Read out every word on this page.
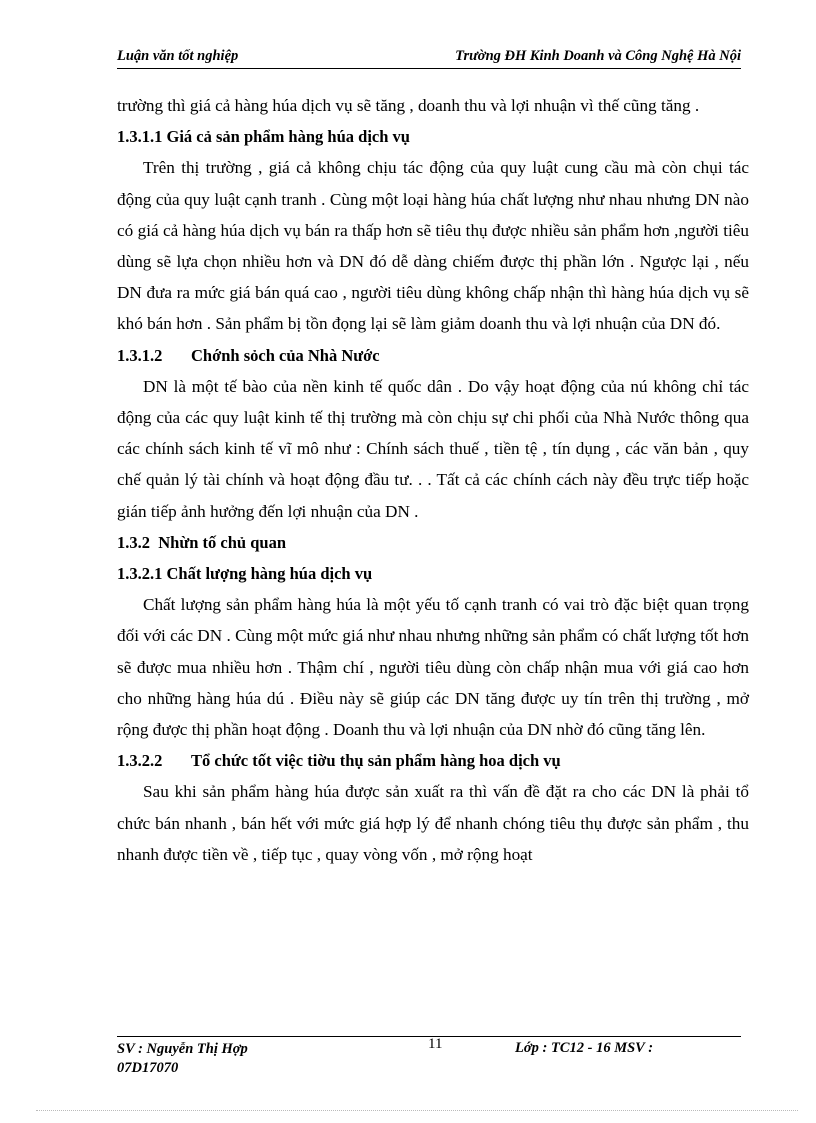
Luận văn tốt nghiệp	Trường ĐH Kinh Doanh và Công Nghệ Hà Nội

trường thì giá cả hàng húa dịch vụ sẽ tăng , doanh thu và lợi nhuận vì thế cũng tăng .

1.3.1.1 Giá cả sản phẩm hàng húa dịch vụ

Trên thị trường , giá cả không chịu tác động của quy luật cung cầu mà còn chụi tác động của quy luật cạnh tranh . Cùng một loại hàng húa chất lượng như nhau nhưng DN nào có giá cả hàng húa dịch vụ bán ra thấp hơn sẽ tiêu thụ được nhiều sản phẩm hơn ,người tiêu dùng sẽ lựa chọn nhiều hơn và DN đó dễ dàng chiếm được thị phần lớn . Ngược lại , nếu DN đưa ra mức giá bán quá cao , người tiêu dùng không chấp nhận thì hàng húa dịch vụ sẽ khó bán hơn . Sản phẩm bị tồn đọng lại sẽ làm giảm doanh thu và lợi nhuận của DN đó.

1.3.1.2 Chớnh sỏch của Nhà Nước

DN là một tế bào của nền kinh tế quốc dân . Do vậy hoạt động của nú không chỉ tác động của các quy luật kinh tế thị trường mà còn chịu sự chi phối của Nhà Nước thông qua các chính sách kinh tế vĩ mô như : Chính sách thuế , tiền tệ , tín dụng , các văn bản , quy chế quản lý tài chính và hoạt động đầu tư. . . Tất cả các chính cách này đều trực tiếp hoặc gián tiếp ảnh hưởng đến lợi nhuận của DN .

1.3.2 Nhừn tố chủ quan

1.3.2.1 Chất lượng hàng húa dịch vụ

Chất lượng sản phẩm hàng húa là một yếu tố cạnh tranh có vai trò đặc biệt quan trọng đối với các DN . Cùng một mức giá như nhau nhưng những sản phẩm có chất lượng tốt hơn sẽ được mua nhiều hơn . Thậm chí , người tiêu dùng còn chấp nhận mua với giá cao hơn cho những hàng húa dú . Điều này sẽ giúp các DN tăng được uy tín trên thị trường , mở rộng được thị phần hoạt động . Doanh thu và lợi nhuận của DN nhờ đó cũng tăng lên.

1.3.2.2 Tổ chức tốt việc tiờu thụ sản phẩm hàng hoa dịch vụ

Sau khi sản phẩm hàng húa được sản xuất ra thì vấn đề đặt ra cho các DN là phải tổ chức bán nhanh , bán hết với mức giá hợp lý để nhanh chóng tiêu thụ được sản phẩm , thu nhanh được tiền về , tiếp tục , quay vòng vốn , mở rộng hoạt

SV : Nguyễn Thị Hợp 07D17070
11	Lớp : TC12 - 16 MSV :
